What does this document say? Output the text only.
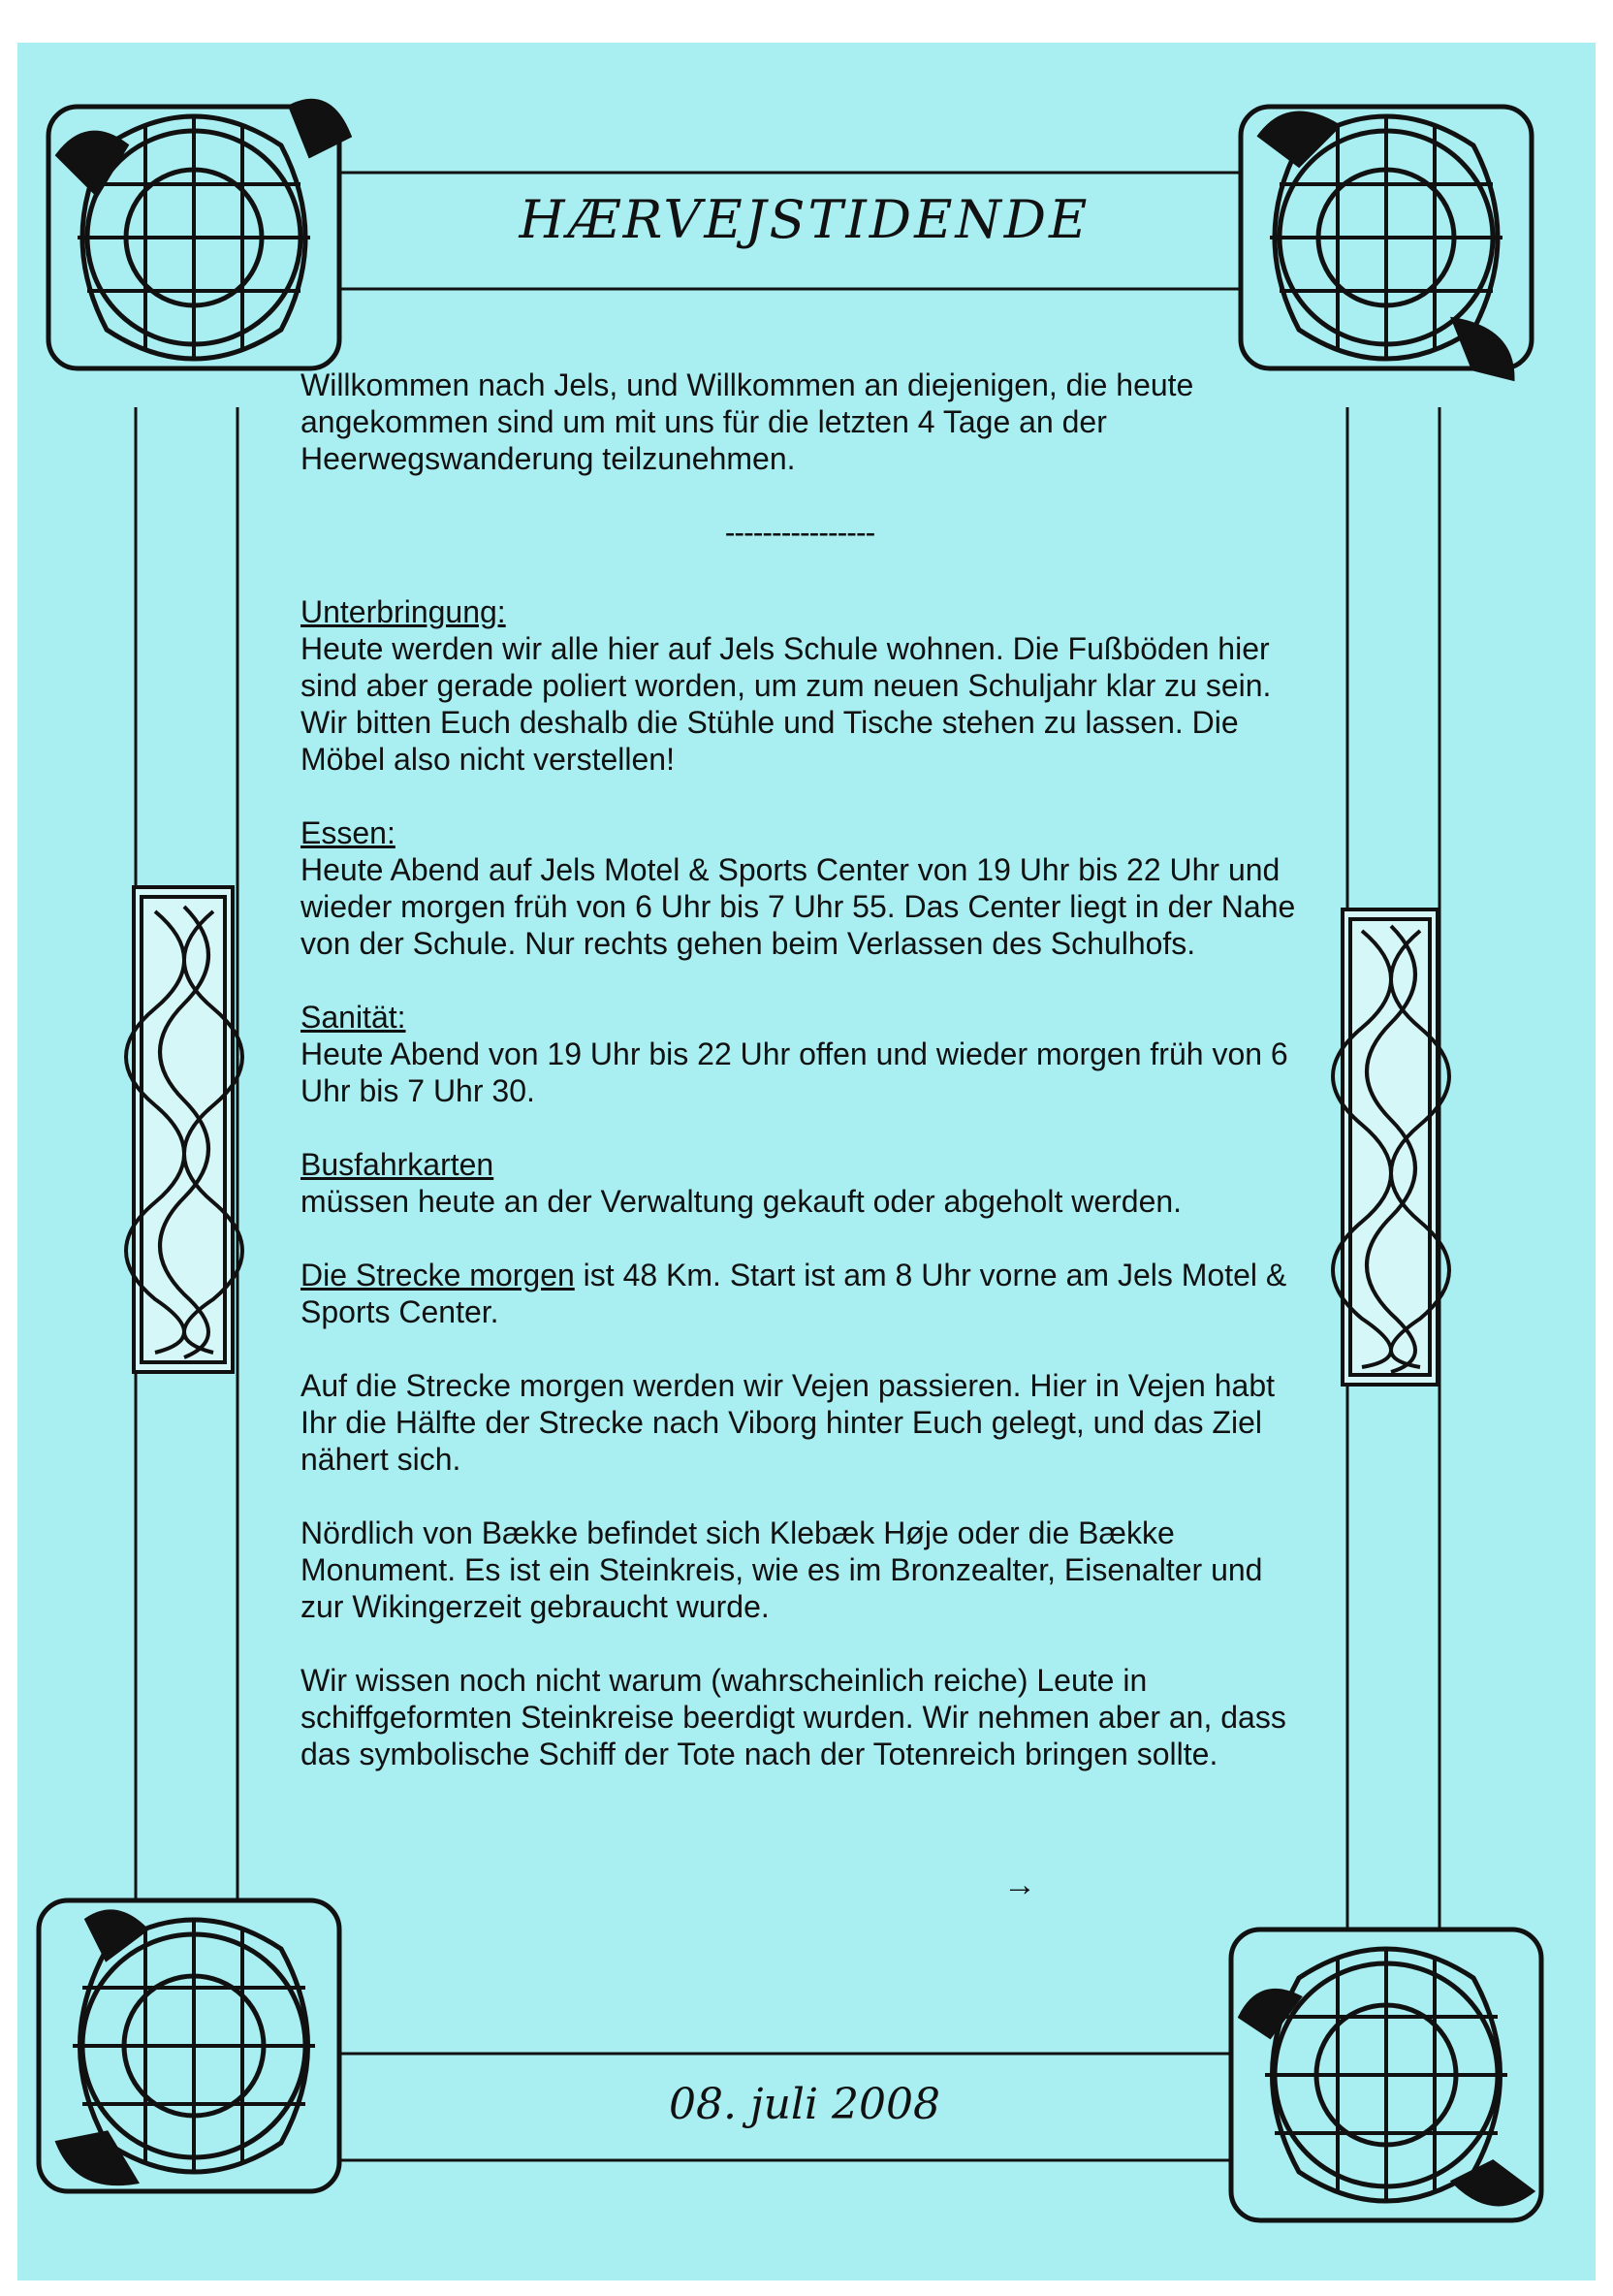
HÆRVEJSTIDENDE

Willkommen nach Jels, und Willkommen an diejenigen, die heute angekommen sind um mit uns für die letzten 4 Tage an der Heerwegswanderung teilzunehmen.

----------------
Unterbringung:
Heute werden wir alle hier auf Jels Schule wohnen. Die Fußböden hier sind aber gerade poliert worden, um zum neuen Schuljahr klar zu sein. Wir bitten Euch deshalb die Stühle und Tische stehen zu lassen. Die Möbel also nicht verstellen!
Essen:
Heute Abend auf Jels Motel & Sports Center von 19 Uhr bis 22 Uhr und wieder morgen früh von 6 Uhr bis 7 Uhr 55. Das Center liegt in der Nahe von der Schule. Nur rechts gehen beim Verlassen des Schulhofs.
Sanität:
Heute Abend von 19 Uhr bis 22 Uhr offen und wieder morgen früh von 6 Uhr bis 7 Uhr 30.
Busfahrkarten
müssen heute an der Verwaltung gekauft oder abgeholt werden.
Die Strecke morgen ist 48 Km. Start ist am 8 Uhr vorne am Jels Motel & Sports Center.

Auf die Strecke morgen werden wir Vejen passieren. Hier in Vejen habt Ihr die Hälfte der Strecke nach Viborg hinter Euch gelegt, und das Ziel nähert sich.

Nördlich von Bække befindet sich Klebæk Høje oder die Bække Monument. Es ist ein Steinkreis, wie es im Bronzealter, Eisenalter und zur Wikingerzeit gebraucht wurde.

Wir wissen noch nicht warum (wahrscheinlich reiche) Leute in schiffgeformten Steinkreise beerdigt wurden. Wir nehmen aber an, dass das symbolische Schiff der Tote nach der Totenreich bringen sollte.

→
08. juli 2008
